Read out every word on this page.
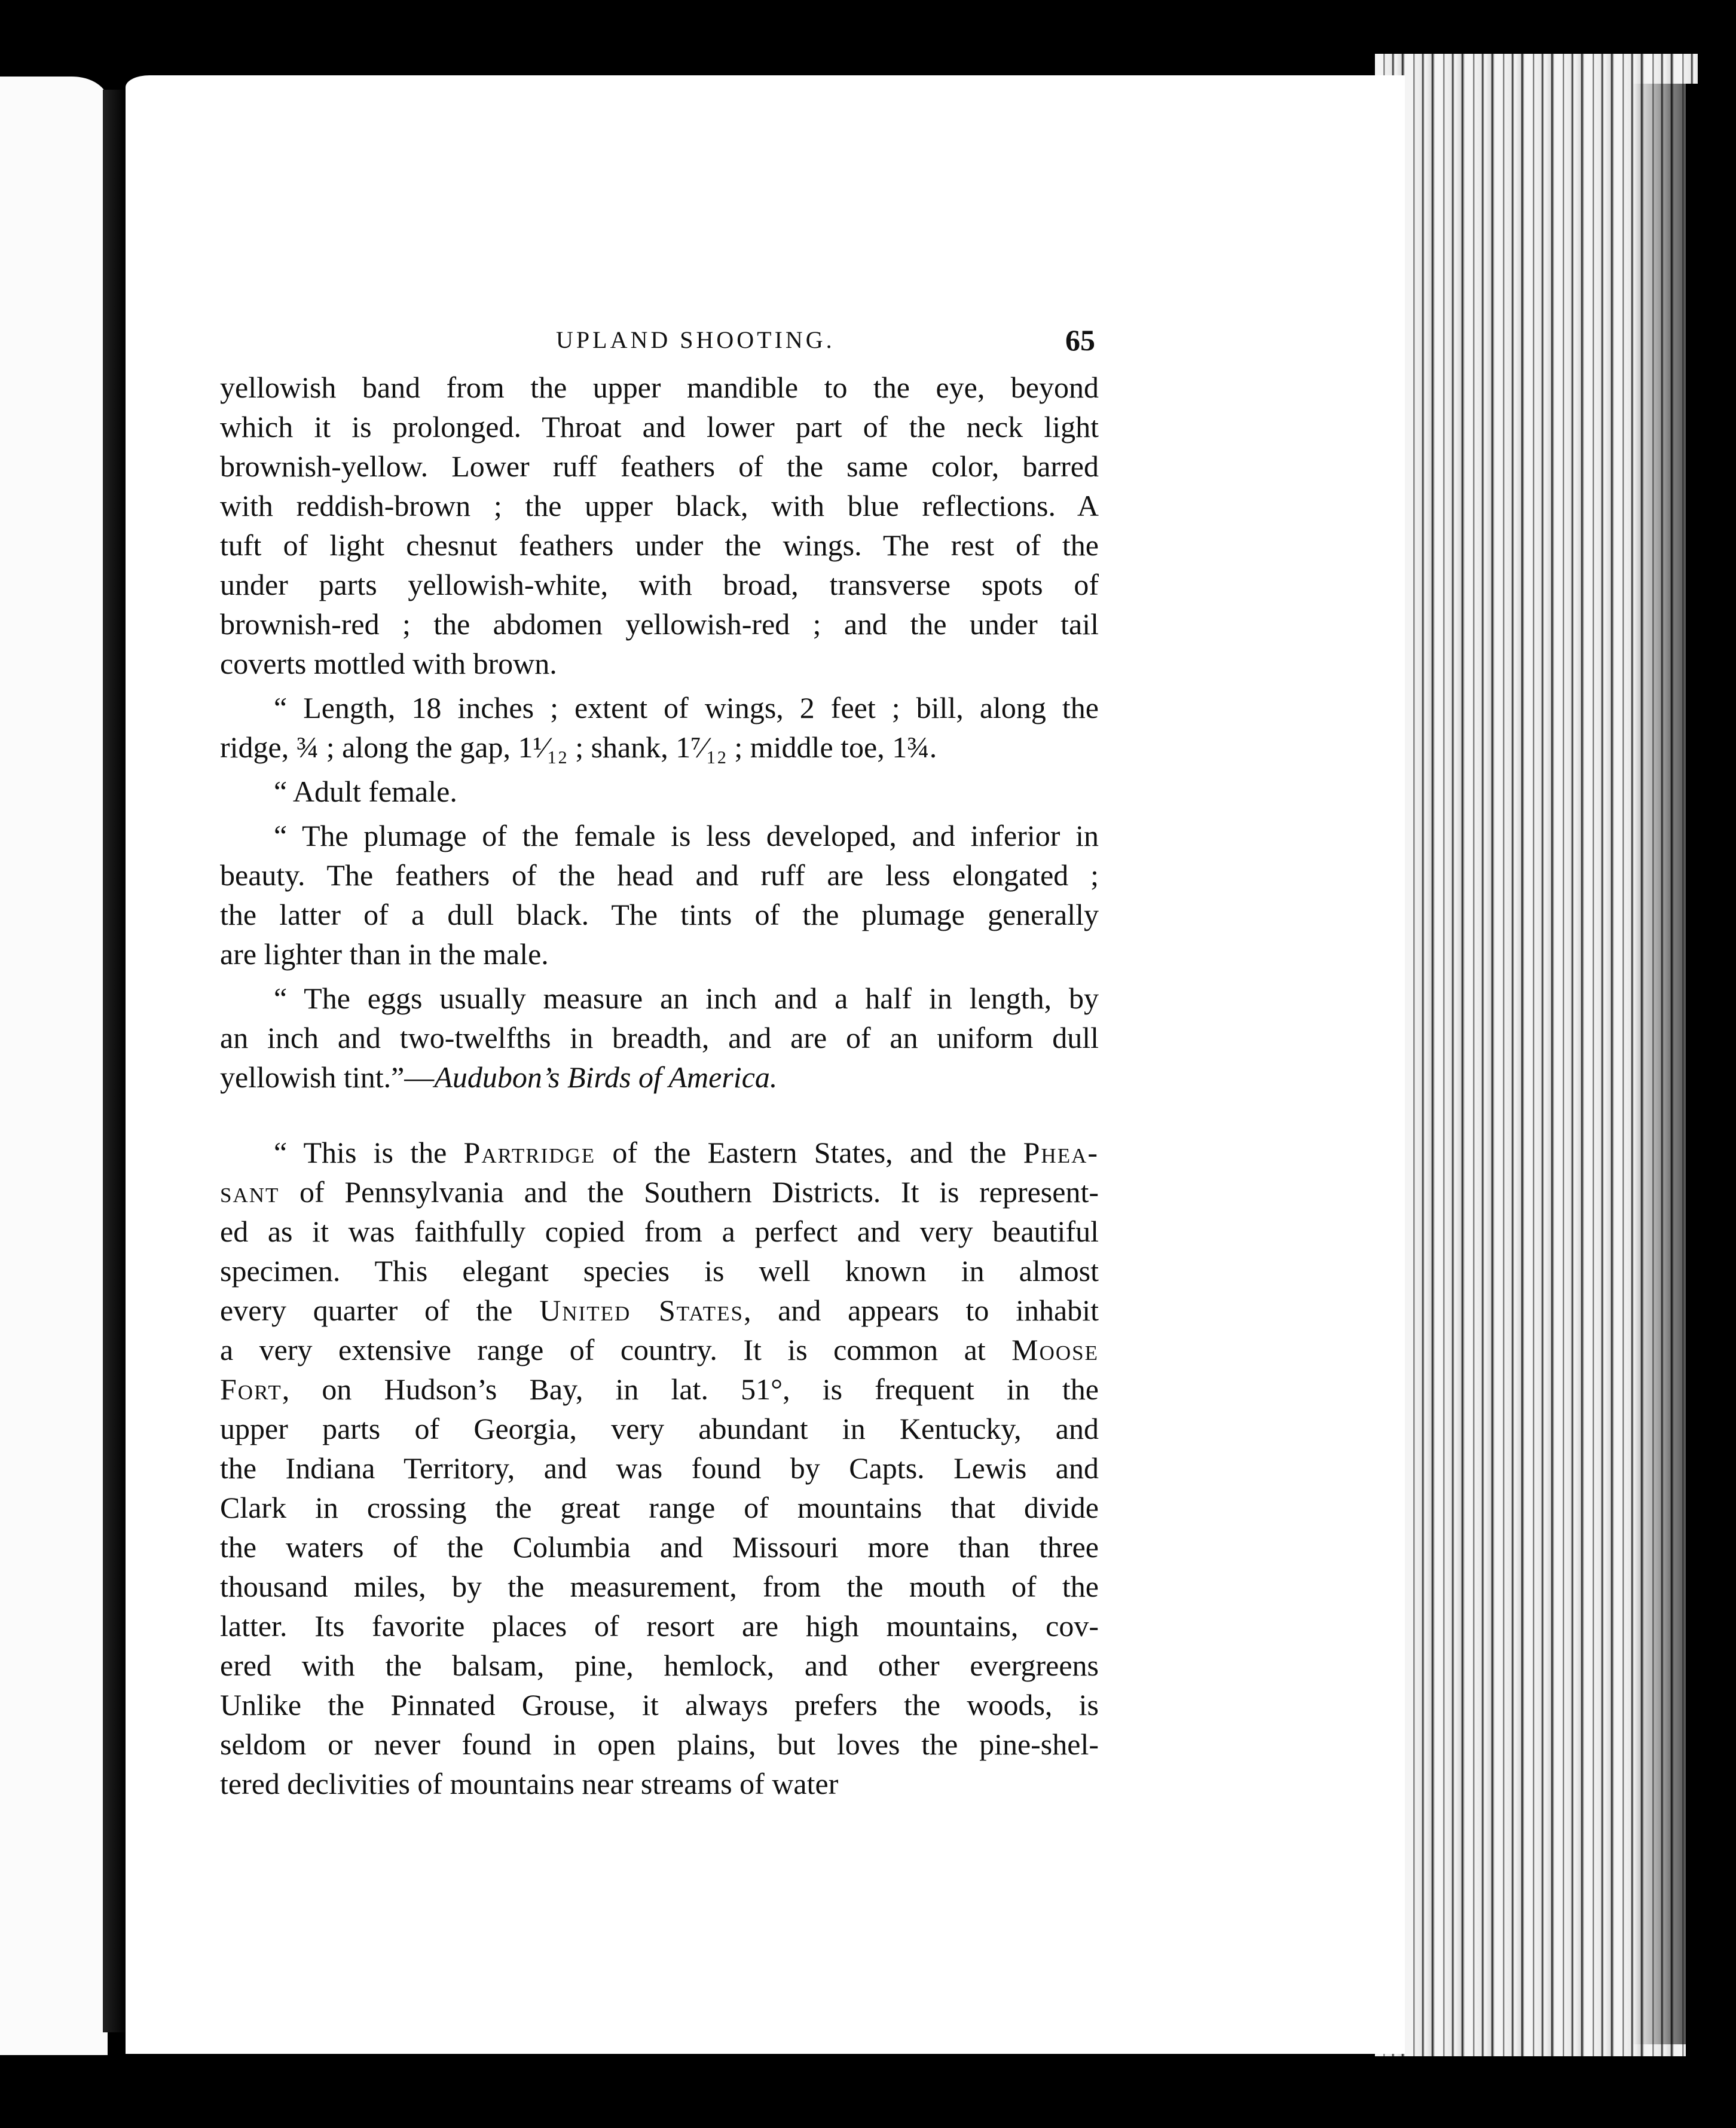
UPLAND SHOOTING.	65

yellowish band from the upper mandible to the eye, beyond
which it is prolonged. Throat and lower part of the neck light
brownish-yellow. Lower ruff feathers of the same color, barred
with reddish-brown ; the upper black, with blue reflections. A
tuft of light chesnut feathers under the wings. The rest of the
under parts yellowish-white, with broad, transverse spots of
brownish-red ; the abdomen yellowish-red ; and the under tail
coverts mottled with brown.

“ Length, 18 inches ; extent of wings, 2 feet ; bill, along the
ridge, ¾ ; along the gap, 1¹⁄₁₂ ; shank, 1⁷⁄₁₂ ; middle toe, 1¾.

“ Adult female.

“ The plumage of the female is less developed, and inferior in
beauty. The feathers of the head and ruff are less elongated ;
the latter of a dull black. The tints of the plumage generally
are lighter than in the male.

“ The eggs usually measure an inch and a half in length, by
an inch and two-twelfths in breadth, and are of an uniform dull
yellowish tint.”—Audubon’s Birds of America.

“ This is the Partridge of the Eastern States, and the Phea-
sant of Pennsylvania and the Southern Districts. It is represent-
ed as it was faithfully copied from a perfect and very beautiful
specimen. This elegant species is well known in almost
every quarter of the United States, and appears to inhabit
a very extensive range of country. It is common at Moose
Fort, on Hudson’s Bay, in lat. 51°, is frequent in the
upper parts of Georgia, very abundant in Kentucky, and
the Indiana Territory, and was found by Capts. Lewis and
Clark in crossing the great range of mountains that divide
the waters of the Columbia and Missouri more than three
thousand miles, by the measurement, from the mouth of the
latter. Its favorite places of resort are high mountains, cov-
ered with the balsam, pine, hemlock, and other evergreens
Unlike the Pinnated Grouse, it always prefers the woods, is
seldom or never found in open plains, but loves the pine-shel-
tered declivities of mountains near streams of water
